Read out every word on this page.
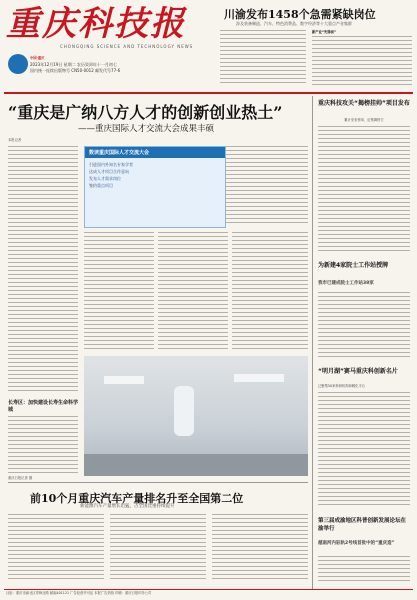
重庆科技报
CHONGQING SCIENCE AND TECHNOLOGY NEWS
中国·重庆
2023年12月19日 星期二 农历癸卯年十一月初七
国内统一连续出版物号 CN50-0012 邮发代号77-6
川渝发布1458个急需紧缺岗位
涉及装备制造、汽车、特色消费品、数字经济等十大重点产业集群
新产业“先锋岗”
“重庆是广纳八方人才的创新创业热土”
——重庆国际人才交流大会成果丰硕
本报记者
数读重庆国际人才交流大会
引进国内外知名专家学者
达成人才项目合作意向
发布人才需求岗位
签约重点项目
长寿区：加快建设长寿生命科学城
重庆日报记者 摄
前10个月重庆汽车产量排名升至全国第二位
新能源汽车产量增长迅猛，占全国比重持续提升
重庆科技攻关“揭榜挂帅”项目发布
累计发布榜单，征集揭榜方
为新建4家院士工作站授牌
我市已建成院士工作站38家
“明月湖”赛马重庆科创新名片
已聚集50家科研机构和孵化平台
第三届成渝地区科普创新发展论坛在渝举行
越南河内驻轨2号线首批中的“重庆造”
社址：重庆市渝北区青枫北路 邮编401121 广告经营许可证 本报广告热线 印刷：重庆日报印务公司
